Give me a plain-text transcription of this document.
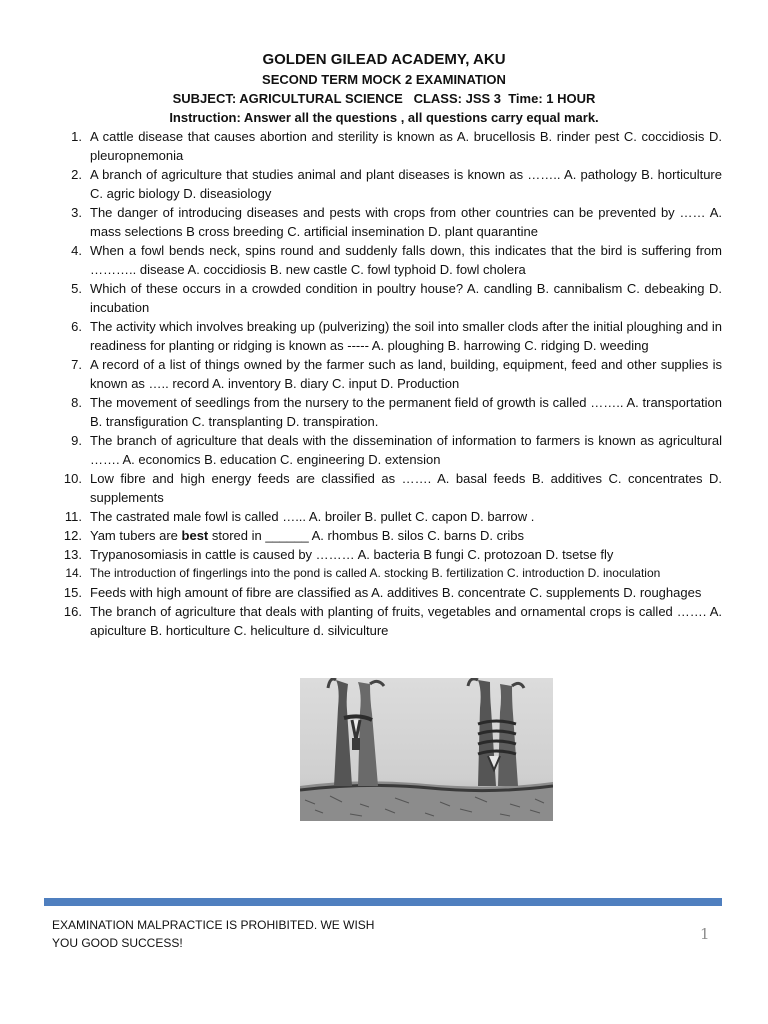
GOLDEN GILEAD ACADEMY, AKU
SECOND TERM MOCK 2 EXAMINATION
SUBJECT: AGRICULTURAL SCIENCE   CLASS: JSS 3  Time: 1 HOUR
Instruction: Answer all the questions , all questions carry equal mark.
1. A cattle disease that causes abortion and sterility is known as A. brucellosis B. rinder pest C. coccidiosis D. pleuropnemonia
2. A branch of agriculture that studies animal and plant diseases is known as …….. A. pathology B. horticulture C. agric biology D. diseasiology
3. The danger of introducing diseases and pests with crops from other countries can be prevented by …… A. mass selections B cross breeding C. artificial insemination D. plant quarantine
4. When a fowl bends neck, spins round and suddenly falls down, this indicates that the bird is suffering from ……….. disease A. coccidiosis B. new castle C. fowl typhoid D. fowl cholera
5. Which of these occurs in a crowded condition in poultry house? A. candling B. cannibalism C. debeaking D. incubation
6. The activity which involves breaking up (pulverizing) the soil into smaller clods after the initial ploughing and in readiness for planting or ridging is known as ----- A. ploughing B. harrowing C. ridging D. weeding
7. A record of a list of things owned by the farmer such as land, building, equipment, feed and other supplies is known as ….. record A. inventory B. diary C. input D. Production
8. The movement of seedlings from the nursery to the permanent field of growth is called …….. A. transportation B. transfiguration C. transplanting D. transpiration.
9. The branch of agriculture that deals with the dissemination of information to farmers is known as agricultural ……. A. economics B. education C. engineering D. extension
10. Low fibre and high energy feeds are classified as ……. A. basal feeds B. additives C. concentrates D. supplements
11. The castrated male fowl is called …... A. broiler B. pullet C. capon D. barrow .
12. Yam tubers are best stored in ______ A. rhombus B. silos C. barns D. cribs
13. Trypanosomiasis in cattle is caused by ……… A. bacteria B fungi C. protozoan D. tsetse fly
14. The introduction of fingerlings into the pond is called A. stocking B. fertilization C. introduction D. inoculation
15. Feeds with high amount of fibre are classified as A. additives B. concentrate C. supplements D. roughages
16. The branch of agriculture that deals with planting of fruits, vegetables and ornamental crops is called ……. A. apiculture B. horticulture C. heliculture d. silviculture
EXAMINATION MALPRACTICE IS PROHIBITED. WE WISH
YOU GOOD SUCCESS!	1
